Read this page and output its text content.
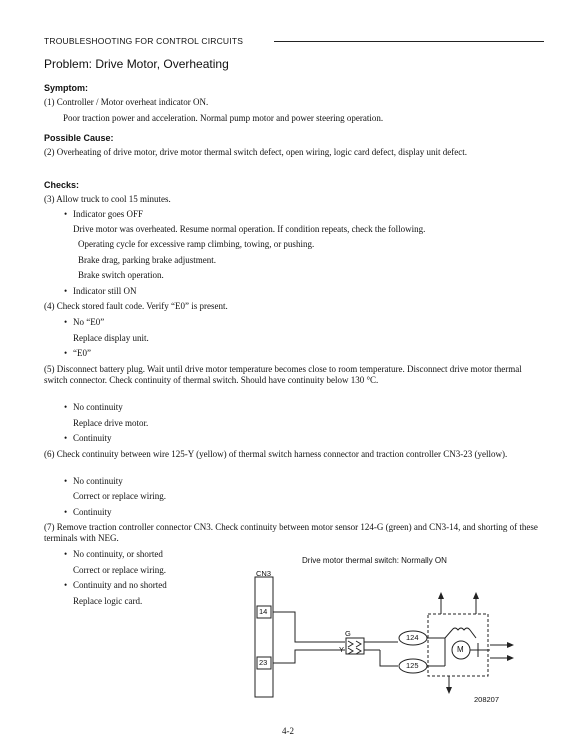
TROUBLESHOOTING FOR CONTROL CIRCUITS
Problem: Drive Motor, Overheating
Symptom:
(1) Controller / Motor overheat indicator ON.
Poor traction power and acceleration. Normal pump motor and power steering operation.
Possible Cause:
(2) Overheating of drive motor, drive motor thermal switch defect, open wiring, logic card defect, display unit defect.
Checks:
(3) Allow truck to cool 15 minutes.
• Indicator goes OFF
Drive motor was overheated. Resume normal operation. If condition repeats, check the following.
Operating cycle for excessive ramp climbing, towing, or pushing.
Brake drag, parking brake adjustment.
Brake switch operation.
• Indicator still ON
(4) Check stored fault code. Verify “E0” is present.
• No “E0”
Replace display unit.
• “E0”
(5) Disconnect battery plug. Wait until drive motor temperature becomes close to room temperature. Disconnect drive motor thermal switch connector. Check continuity of thermal switch. Should have continuity below 130 °C.
• No continuity
Replace drive motor.
• Continuity
(6) Check continuity between wire 125-Y (yellow) of thermal switch harness connector and traction controller CN3-23 (yellow).
• No continuity
Correct or replace wiring.
• Continuity
(7) Remove traction controller connector CN3. Check continuity between motor sensor 124-G (green) and CN3-14, and shorting of these terminals with NEG.
• No continuity, or shorted
Correct or replace wiring.
• Continuity and no shorted
Replace logic card.
Drive motor thermal switch: Normally ON
CN3
14
23
G
Y
124
125
M
208207
4-2
